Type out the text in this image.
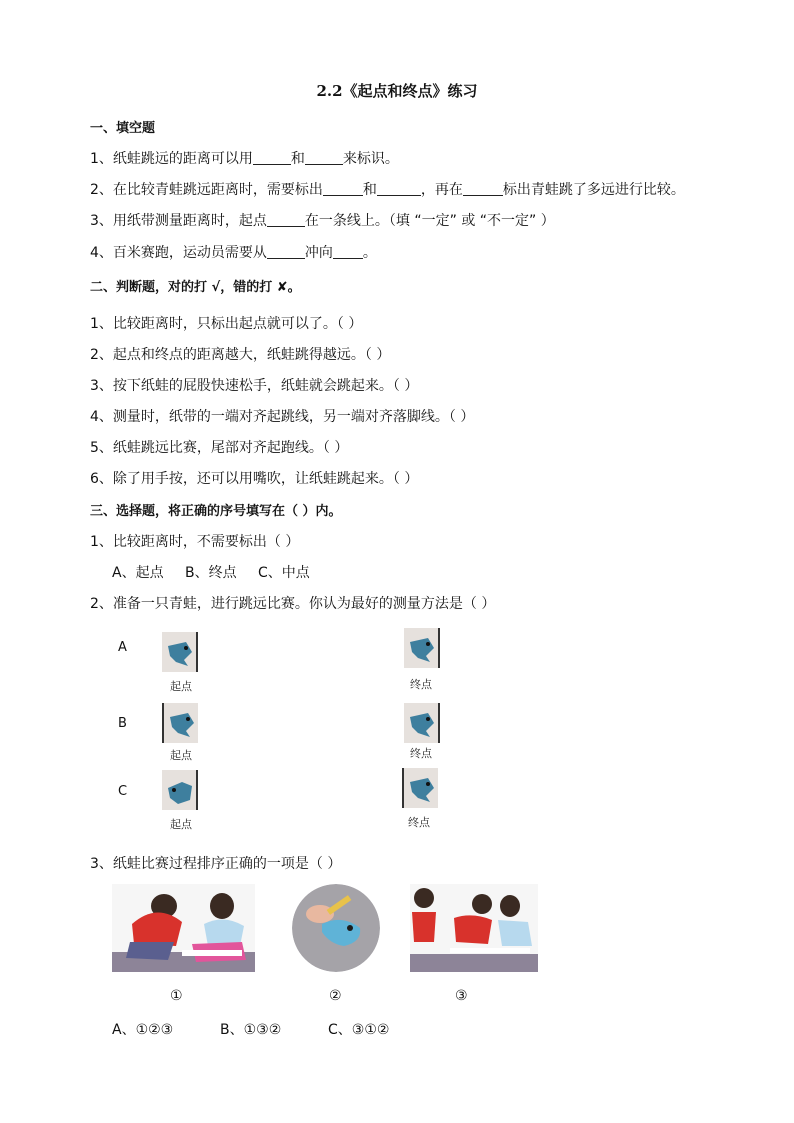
2.2《起点和终点》练习
一、填空题
1、纸蛙跳远的距离可以用	和	来标识。
2、在比较青蛙跳远距离时，需要标出	和	，再在	标出青蛙跳了多远进行比较。
3、用纸带测量距离时，起点	在一条线上。（填 “一定” 或 “不一定” ）
4、百米赛跑，运动员需要从	冲向 。
二、判断题，对的打 √，错的打 ✘。
1、比较距离时，只标出起点就可以了。（ ）
2、起点和终点的距离越大，纸蛙跳得越远。（ ）
3、按下纸蛙的屁股快速松手，纸蛙就会跳起来。（ ）
4、测量时，纸带的一端对齐起跳线，另一端对齐落脚线。（ ）
5、纸蛙跳远比赛，尾部对齐起跑线。（ ）
6、除了用手按，还可以用嘴吹，让纸蛙跳起来。（ ）
三、选择题，将正确的序号填写在（ ）内。
1、比较距离时，不需要标出（ ）
A、起点 B、终点 C、中点
2、准备一只青蛙，进行跳远比赛。你认为最好的测量方法是（ ）
A
起点	终点
B
起点	终点
C
起点	终点
3、纸蛙比赛过程排序正确的一项是（ ）
①	②	③
A、①②③	B、①③②	C、③①②
